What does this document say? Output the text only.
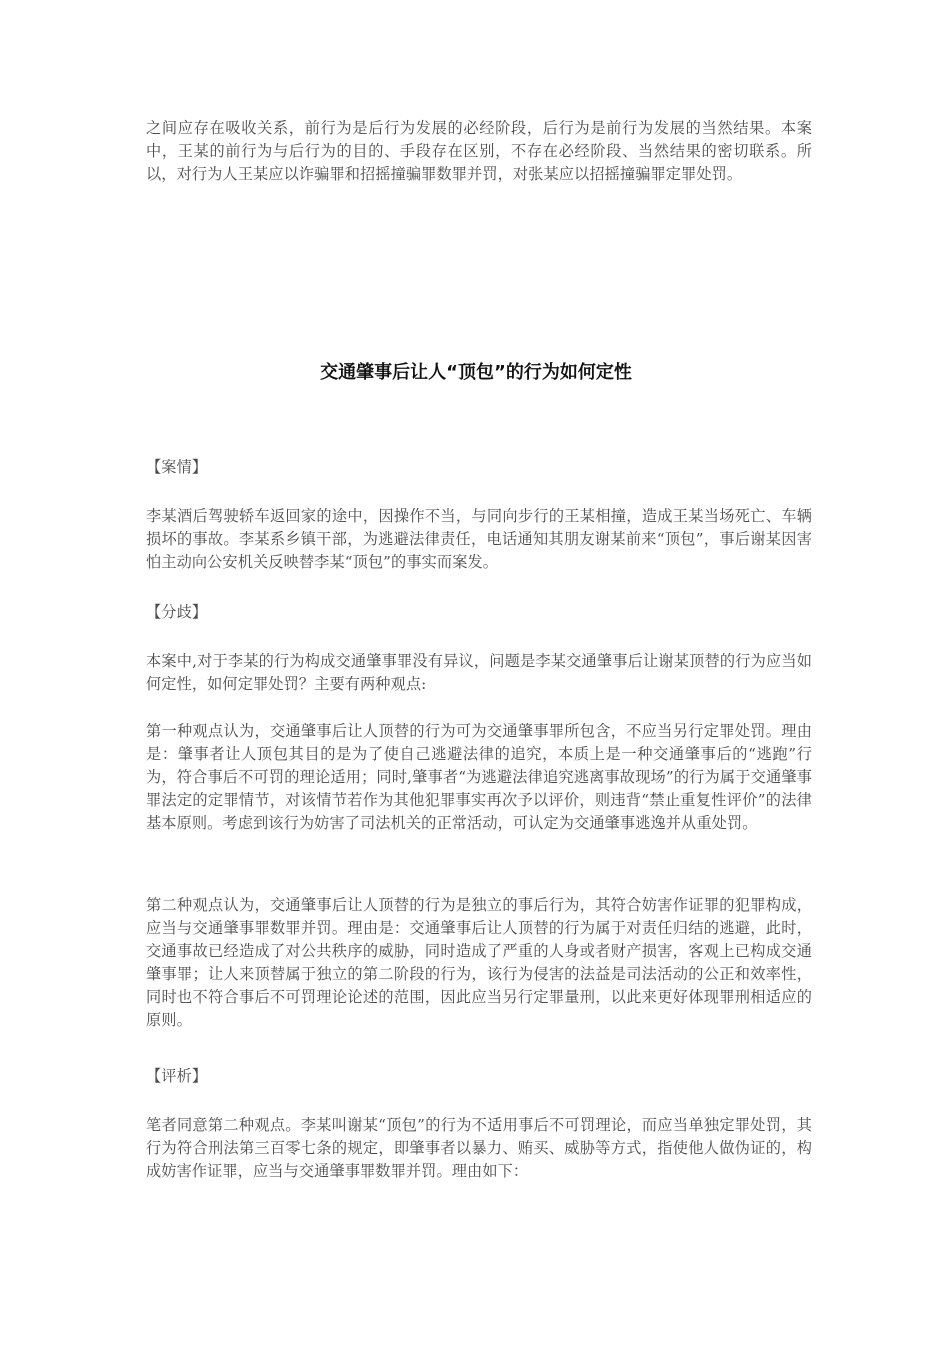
之间应存在吸收关系，前行为是后行为发展的必经阶段，后行为是前行为发展的当然结果。本案中，王某的前行为与后行为的目的、手段存在区别，不存在必经阶段、当然结果的密切联系。所以，对行为人王某应以诈骗罪和招摇撞骗罪数罪并罚，对张某应以招摇撞骗罪定罪处罚。

交通肇事后让人“顶包”的行为如何定性

【案情】

李某酒后驾驶轿车返回家的途中，因操作不当，与同向步行的王某相撞，造成王某当场死亡、车辆损坏的事故。李某系乡镇干部，为逃避法律责任，电话通知其朋友谢某前来“顶包”，事后谢某因害怕主动向公安机关反映替李某“顶包”的事实而案发。

【分歧】

本案中,对于李某的行为构成交通肇事罪没有异议，问题是李某交通肇事后让谢某顶替的行为应当如何定性，如何定罪处罚？主要有两种观点:

第一种观点认为，交通肇事后让人顶替的行为可为交通肇事罪所包含，不应当另行定罪处罚。理由是：肇事者让人顶包其目的是为了使自己逃避法律的追究，本质上是一种交通肇事后的“逃跑”行为，符合事后不可罚的理论适用；同时,肇事者“为逃避法律追究逃离事故现场”的行为属于交通肇事罪法定的定罪情节，对该情节若作为其他犯罪事实再次予以评价，则违背“禁止重复性评价”的法律基本原则。考虑到该行为妨害了司法机关的正常活动，可认定为交通肇事逃逸并从重处罚。

第二种观点认为，交通肇事后让人顶替的行为是独立的事后行为，其符合妨害作证罪的犯罪构成，应当与交通肇事罪数罪并罚。理由是：交通肇事后让人顶替的行为属于对责任归结的逃避，此时，交通事故已经造成了对公共秩序的威胁，同时造成了严重的人身或者财产损害，客观上已构成交通肇事罪；让人来顶替属于独立的第二阶段的行为，该行为侵害的法益是司法活动的公正和效率性，同时也不符合事后不可罚理论论述的范围，因此应当另行定罪量刑，以此来更好体现罪刑相适应的原则。

【评析】

笔者同意第二种观点。李某叫谢某“顶包”的行为不适用事后不可罚理论，而应当单独定罪处罚，其行为符合刑法第三百零七条的规定，即肇事者以暴力、贿买、威胁等方式，指使他人做伪证的，构成妨害作证罪，应当与交通肇事罪数罪并罚。理由如下：
